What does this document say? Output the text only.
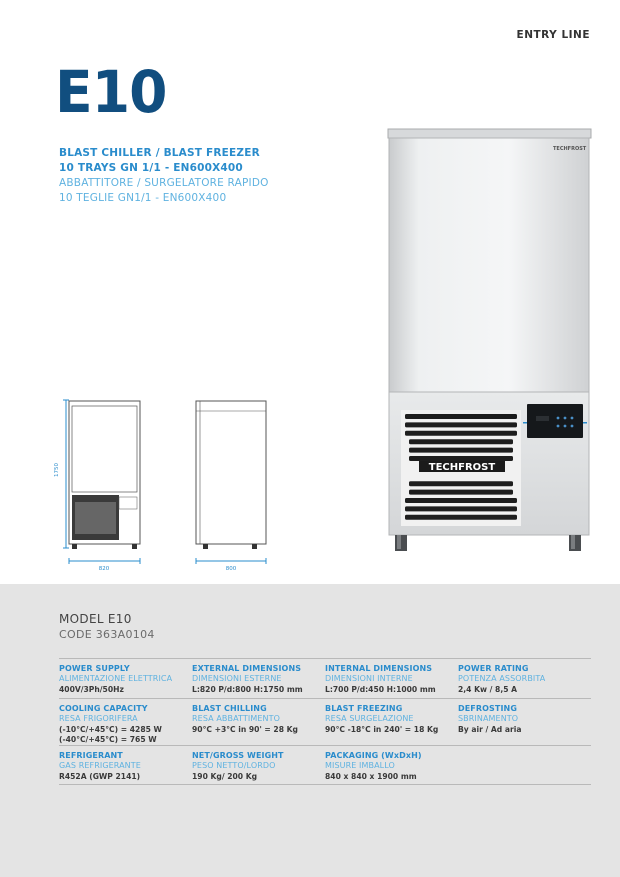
ENTRY LINE
E10
BLAST CHILLER / BLAST FREEZER
10 TRAYS GN 1/1 - EN600X400
ABBATTITORE / SURGELATORE RAPIDO
10 TEGLIE GN1/1 - EN600X400
TECHFROST
TECHFROST
1750
820	800
MODEL E10
CODE 363A0104
POWER SUPPLY
ALIMENTAZIONE ELETTRICA
400V/3Ph/50Hz
EXTERNAL DIMENSIONS
DIMENSIONI ESTERNE
L:820 P/d:800 H:1750 mm
INTERNAL DIMENSIONS
DIMENSIONI INTERNE
L:700 P/d:450 H:1000 mm
POWER RATING
POTENZA ASSORBITA
2,4 Kw / 8,5 A
COOLING CAPACITY
RESA FRIGORIFERA
(-10°C/+45°C) = 4285 W
(-40°C/+45°C) = 765 W
BLAST CHILLING
RESA ABBATTIMENTO
90°C +3°C in 90' = 28 Kg
BLAST FREEZING
RESA SURGELAZIONE
90°C -18°C in 240' = 18 Kg
DEFROSTING
SBRINAMENTO
By air / Ad aria
REFRIGERANT
GAS REFRIGERANTE
R452A (GWP 2141)
NET/GROSS WEIGHT
PESO NETTO/LORDO
190 Kg/ 200 Kg
PACKAGING (WxDxH)
MISURE IMBALLO
840 x 840 x 1900 mm
